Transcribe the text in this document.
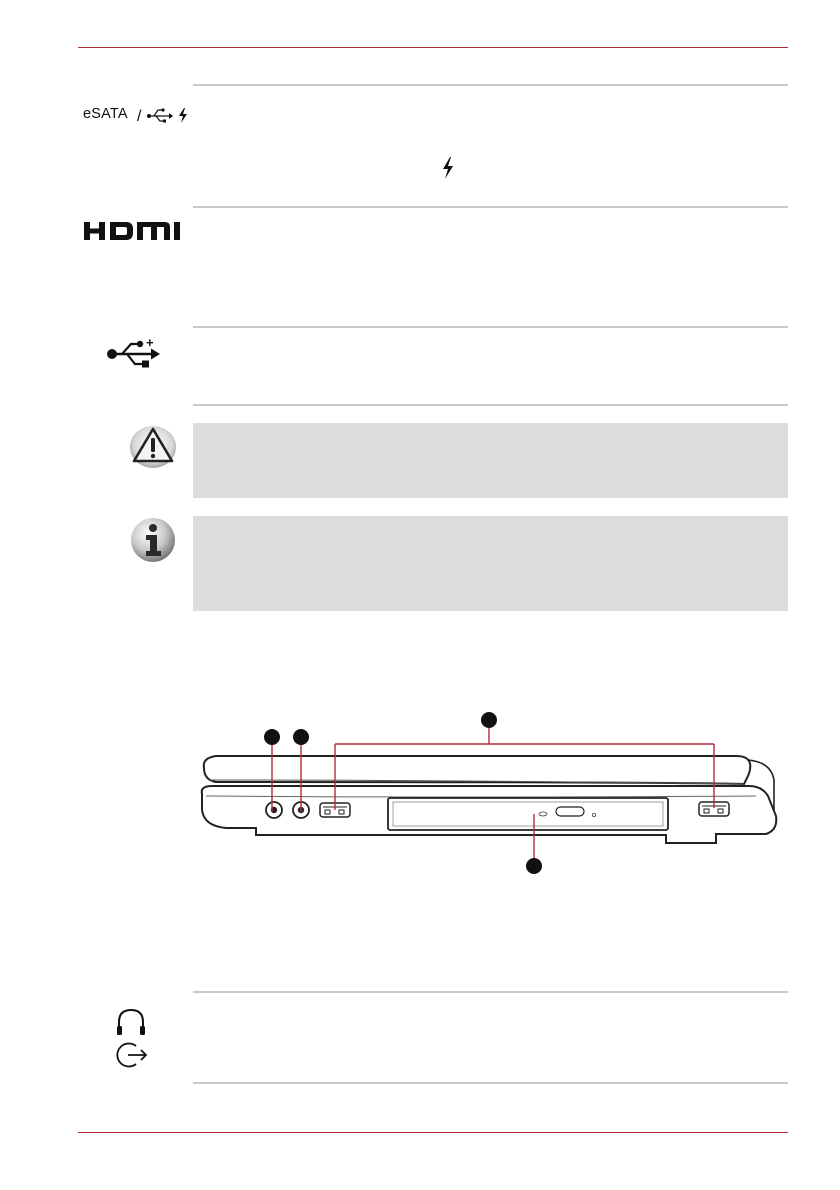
eSATA /
+
1 2
3
4
